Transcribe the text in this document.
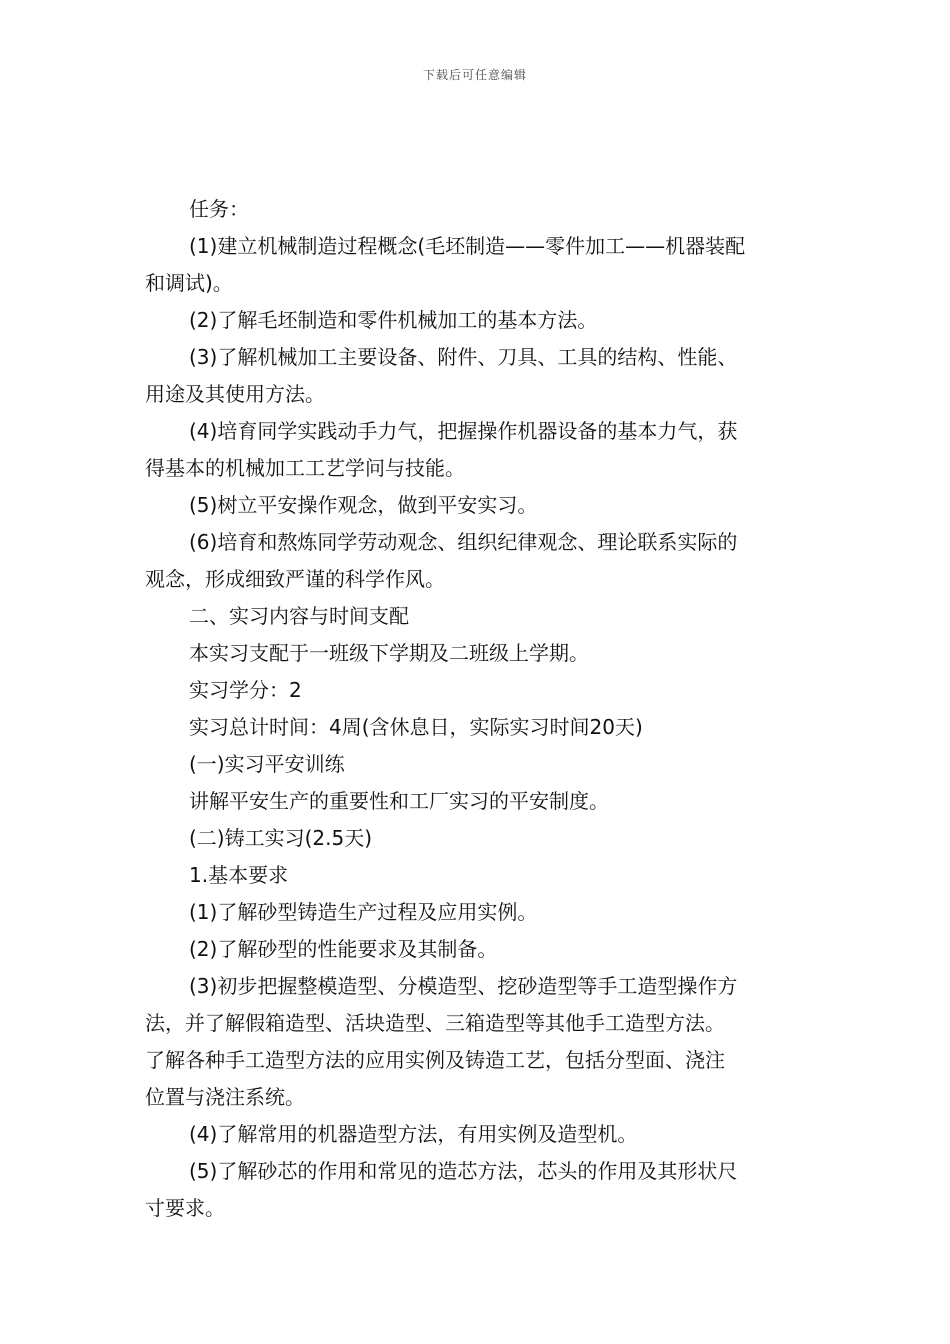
下载后可任意编辑
任务：
(1)建立机械制造过程概念(毛坯制造——零件加工——机器装配
和调试)。
(2)了解毛坯制造和零件机械加工的基本方法。
(3)了解机械加工主要设备、附件、刀具、工具的结构、性能、
用途及其使用方法。
(4)培育同学实践动手力气，把握操作机器设备的基本力气，获
得基本的机械加工工艺学问与技能。
(5)树立平安操作观念，做到平安实习。
(6)培育和熬炼同学劳动观念、组织纪律观念、理论联系实际的
观念，形成细致严谨的科学作风。
二、实习内容与时间支配
本实习支配于一班级下学期及二班级上学期。
实习学分：2
实习总计时间：4周(含休息日，实际实习时间20天)
(一)实习平安训练
讲解平安生产的重要性和工厂实习的平安制度。
(二)铸工实习(2.5天)
1.基本要求
(1)了解砂型铸造生产过程及应用实例。
(2)了解砂型的性能要求及其制备。
(3)初步把握整模造型、分模造型、挖砂造型等手工造型操作方
法，并了解假箱造型、活块造型、三箱造型等其他手工造型方法。
了解各种手工造型方法的应用实例及铸造工艺，包括分型面、浇注
位置与浇注系统。
(4)了解常用的机器造型方法，有用实例及造型机。
(5)了解砂芯的作用和常见的造芯方法，芯头的作用及其形状尺
寸要求。
